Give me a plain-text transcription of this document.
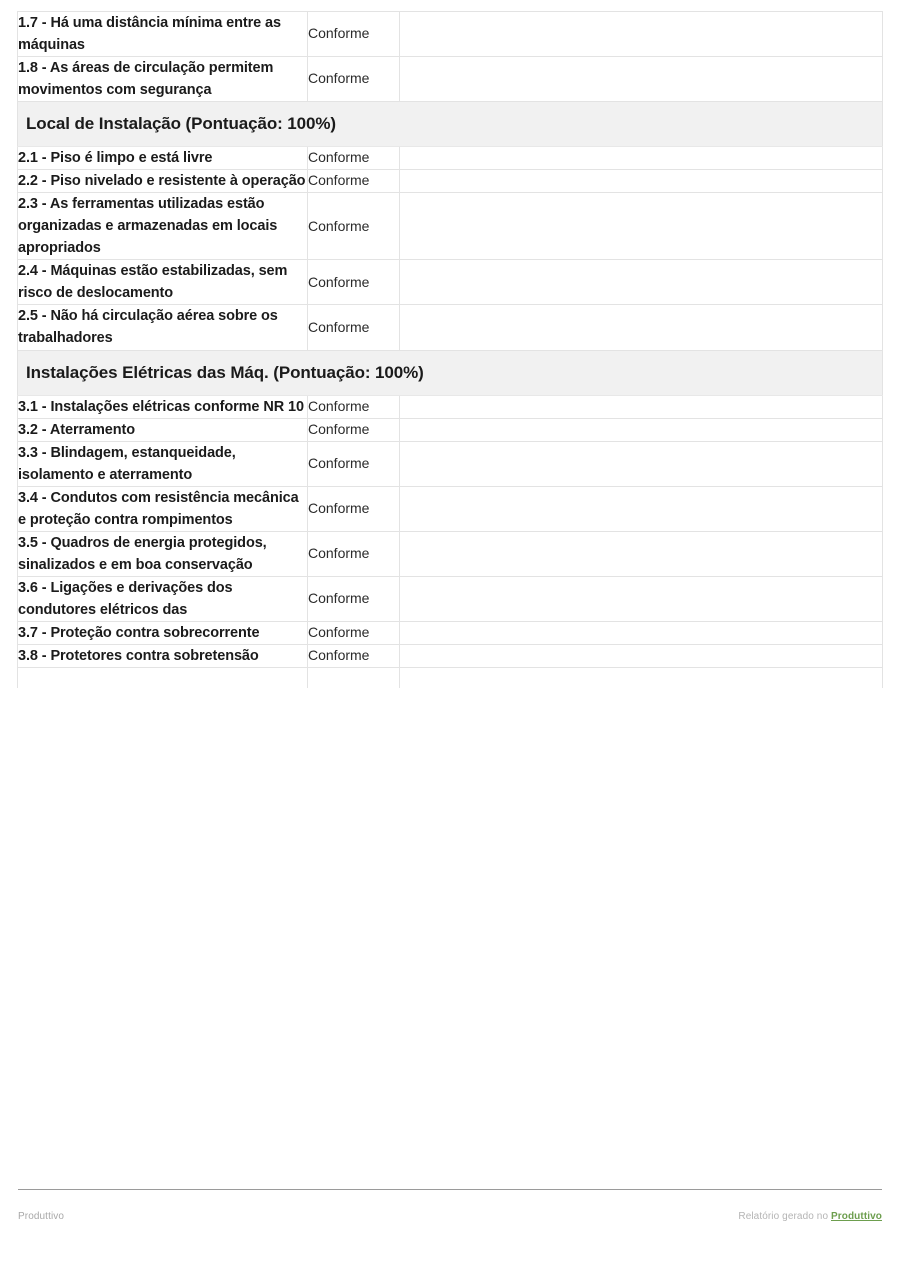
1.7 - Há uma distância mínima entre as máquinas	Conforme	
1.8 - As áreas de circulação permitem movimentos com segurança	Conforme	

Local de Instalação (Pontuação: 100%)		

2.1 - Piso é limpo e está livre	Conforme	
2.2 - Piso nivelado e resistente à operação	Conforme	
2.3 - As ferramentas utilizadas estão organizadas e armazenadas em locais apropriados	Conforme	
2.4 - Máquinas estão estabilizadas, sem risco de deslocamento	Conforme	
2.5 - Não há circulação aérea sobre os trabalhadores	Conforme	

Instalações Elétricas das Máq. (Pontuação: 100%)		

3.1 - Instalações elétricas conforme NR 10	Conforme	
3.2 - Aterramento	Conforme	
3.3 - Blindagem, estanqueidade, isolamento e aterramento	Conforme	
3.4 - Condutos com resistência mecânica e proteção contra rompimentos	Conforme	
3.5 - Quadros de energia protegidos, sinalizados e em boa conservação	Conforme	
3.6 - Ligações e derivações dos condutores elétricos das	Conforme	
3.7 - Proteção contra sobrecorrente	Conforme	
3.8 - Protetores contra sobretensão	Conforme	

Produttivo	Relatório gerado no Produttivo
